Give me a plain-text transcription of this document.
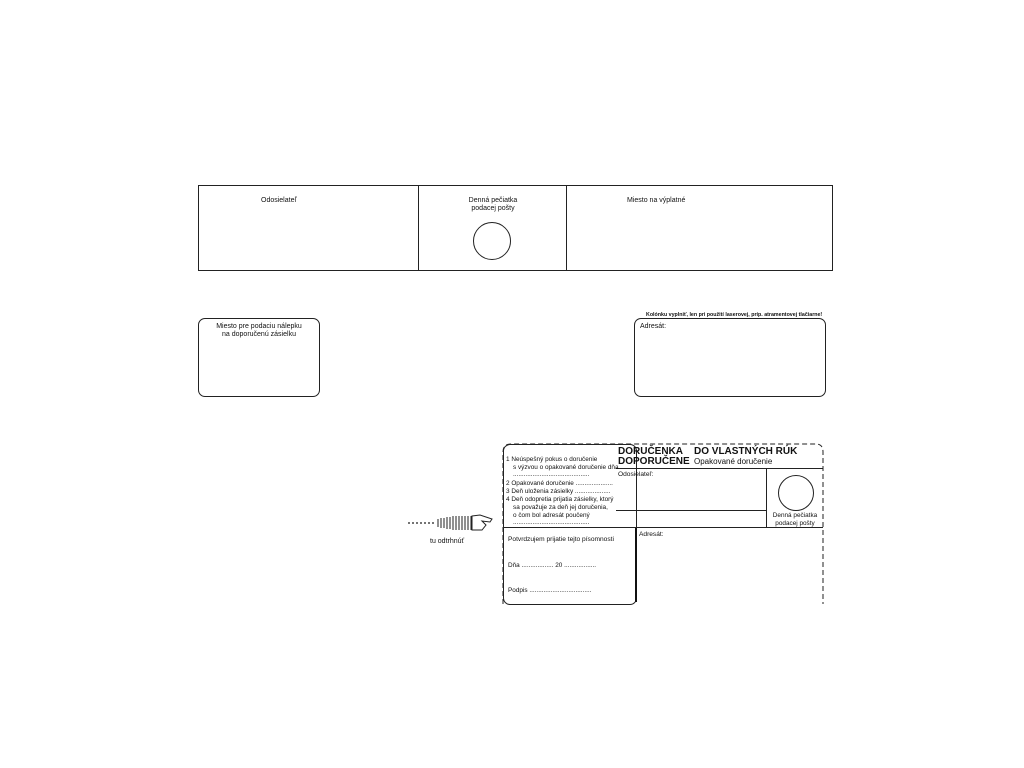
Odosielateľ	Denná pečiatka
podacej pošty
Miesto na výplatné
Miesto pre podaciu nálepku
na doporučenú zásielku
Kolónku vyplniť, len pri použití laserovej, príp. atramentovej tlačiarne!
Adresát:
tu odtrhnúť
1 Neúspešný pokus o doručenie
s výzvou o opakované doručenie dňa
...........................................
2 Opakované doručenie .....................
3 Deň uloženia zásielky ....................
4 Deň odopretia prijatia zásielky, ktorý
sa považuje za deň jej doručenia,
o čom bol adresát poučený
...........................................
Potvrdzujem prijatie tejto písomnosti
Dňa .................. 20 ..................
Podpis ...................................
DORUČENKA
DOPORUČENE
DO VLASTNÝCH RÚK
Opakované doručenie
Odosielateľ:
Denná pečiatka
podacej pošty
Adresát:
